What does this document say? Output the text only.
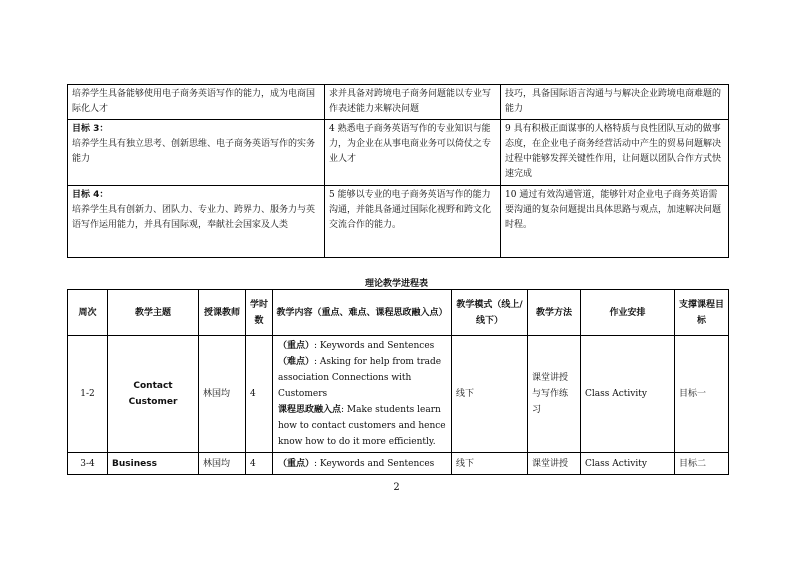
培养学生具备能够使用电子商务英语写作的能力，成为电商国际化人才	求并具备对跨境电子商务问题能以专业写作表述能力来解决问题	技巧，具备国际语言沟通与与解决企业跨境电商难题的能力
目标 3：
培养学生具有独立思考、创新思维、电子商务英语写作的实务能力	4 熟悉电子商务英语写作的专业知识与能力，为企业在从事电商业务可以倚仗之专业人才	9 具有积极正面谋事的人格特质与良性团队互动的做事态度，在企业电子商务经营活动中产生的贸易问题解决过程中能够发挥关键性作用，让问题以团队合作方式快速完成
目标 4：
培养学生具有创新力、团队力、专业力、跨界力、服务力与英语写作运用能力，并具有国际观，奉献社会国家及人类	5 能够以专业的电子商务英语写作的能力沟通，并能具备通过国际化视野和跨文化交流合作的能力。	10 通过有效沟通管道，能够针对企业电子商务英语需要沟通的复杂问题提出具体思路与观点，加速解决问题时程。
理论教学进程表
周次	教学主题	授课教师	学时数	教学内容（重点、难点、课程思政融入点）	教学模式（线上/线下）	教学方法	作业安排	支撑课程目标
1-2	Contact Customer	林国均	4	（重点）: Keywords and Sentences
（难点）: Asking for help from trade association Connections with Customers
课程思政融入点: Make students learn how to contact customers and hence know how to do it more efficiently.	线下	课堂讲授与写作练习	Class Activity	目标一
3-4	Business	林国均	4	（重点）: Keywords and Sentences	线下	课堂讲授	Class Activity	目标二
2
